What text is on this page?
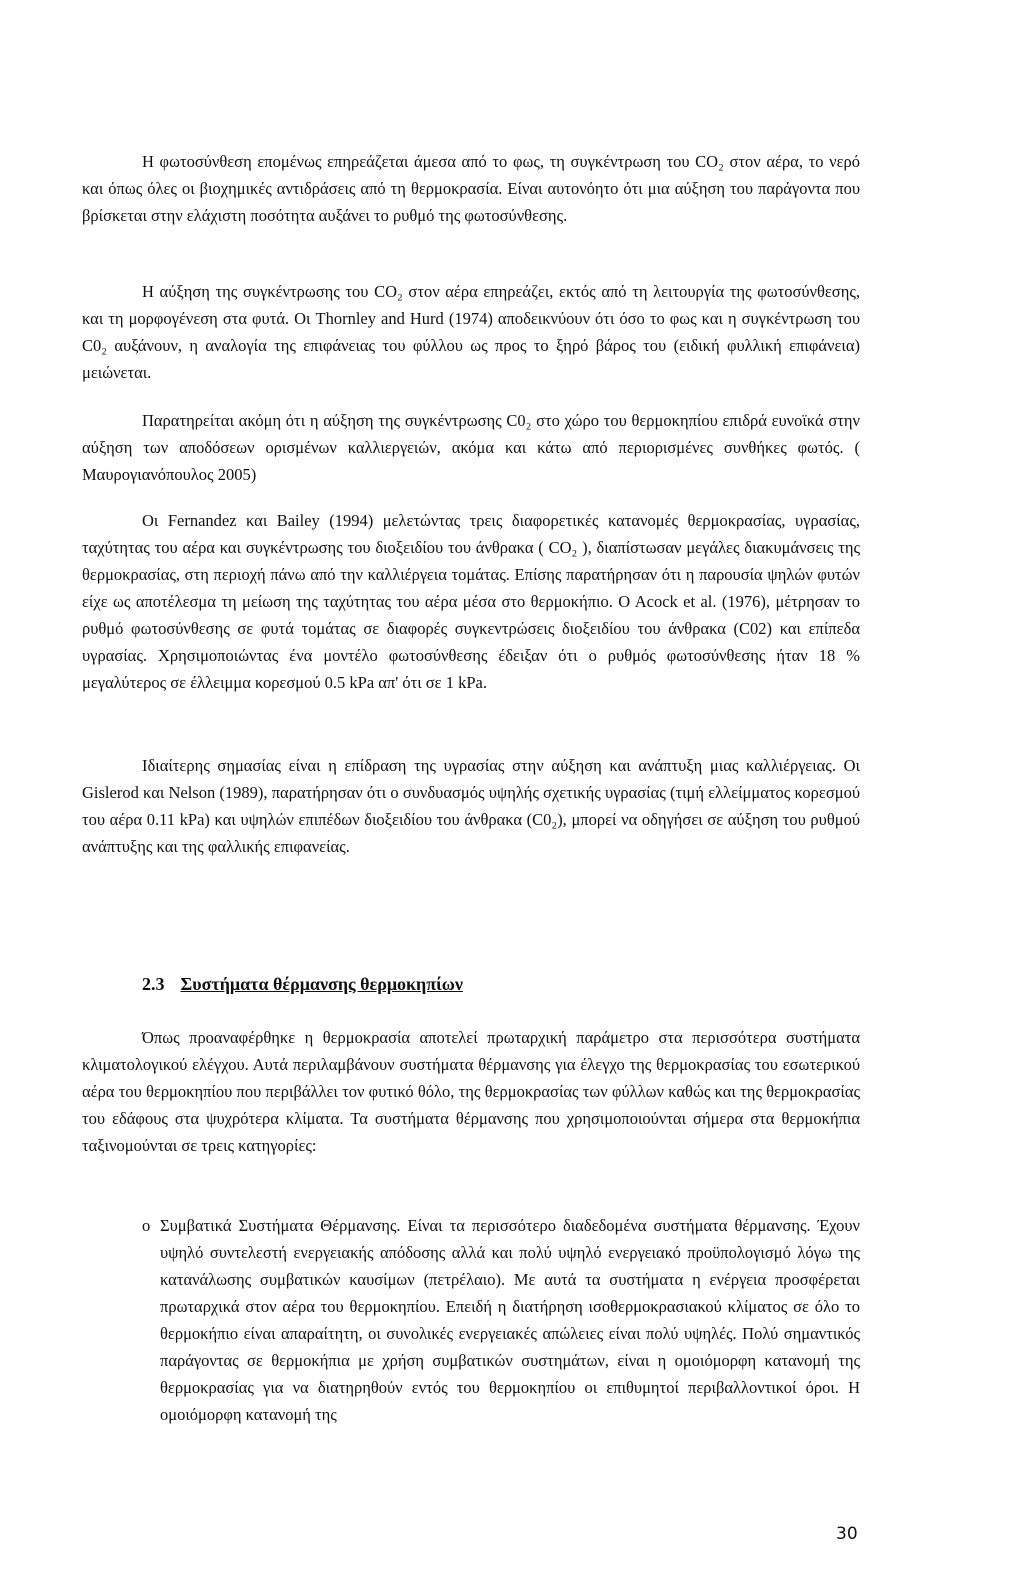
Η φωτοσύνθεση επομένως επηρεάζεται άμεσα από το φως, τη συγκέντρωση του CO₂ στον αέρα, το νερό και όπως όλες οι βιοχημικές αντιδράσεις από τη θερμοκρασία. Είναι αυτονόητο ότι μια αύξηση του παράγοντα που βρίσκεται στην ελάχιστη ποσότητα αυξάνει το ρυθμό της φωτοσύνθεσης.

Η αύξηση της συγκέντρωσης του CO₂ στον αέρα επηρεάζει, εκτός από τη λειτουργία της φωτοσύνθεσης, και τη μορφογένεση στα φυτά. Οι Thornley and Hurd (1974) αποδεικνύουν ότι όσο το φως και η συγκέντρωση του C0₂ αυξάνουν, η αναλογία της επιφάνειας του φύλλου ως προς το ξηρό βάρος του (ειδική φυλλική επιφάνεια) μειώνεται.

Παρατηρείται ακόμη ότι η αύξηση της συγκέντρωσης C0₂ στο χώρο του θερμοκηπίου επιδρά ευνοϊκά στην αύξηση των αποδόσεων ορισμένων καλλιεργειών, ακόμα και κάτω από περιορισμένες συνθήκες φωτός. ( Μαυρογιανόπουλος 2005)

Οι Fernandez και Bailey (1994) μελετώντας τρεις διαφορετικές κατανομές θερμοκρασίας, υγρασίας, ταχύτητας του αέρα και συγκέντρωσης του διοξειδίου του άνθρακα ( CO₂ ), διαπίστωσαν μεγάλες διακυμάνσεις της θερμοκρασίας, στη περιοχή πάνω από την καλλιέργεια τομάτας. Επίσης παρατήρησαν ότι η παρουσία ψηλών φυτών είχε ως αποτέλεσμα τη μείωση της ταχύτητας του αέρα μέσα στο θερμοκήπιο. O Acock et al. (1976), μέτρησαν το ρυθμό φωτοσύνθεσης σε φυτά τομάτας σε διαφορές συγκεντρώσεις διοξειδίου του άνθρακα (C02) και επίπεδα υγρασίας. Χρησιμοποιώντας ένα μοντέλο φωτοσύνθεσης έδειξαν ότι ο ρυθμός φωτοσύνθεσης ήταν 18 % μεγαλύτερος σε έλλειμμα κορεσμού 0.5 kPa απ' ότι σε 1 kPa.

Ιδιαίτερης σημασίας είναι η επίδραση της υγρασίας στην αύξηση και ανάπτυξη μιας καλλιέργειας. Οι Gislerod και Nelson (1989), παρατήρησαν ότι ο συνδυασμός υψηλής σχετικής υγρασίας (τιμή ελλείμματος κορεσμού του αέρα 0.11 kPa) και υψηλών επιπέδων διοξειδίου του άνθρακα (C0₂), μπορεί να οδηγήσει σε αύξηση του ρυθμού ανάπτυξης και της φαλλικής επιφανείας.

2.3 Συστήματα θέρμανσης θερμοκηπίων

Όπως προαναφέρθηκε η θερμοκρασία αποτελεί πρωταρχική παράμετρο στα περισσότερα συστήματα κλιματολογικού ελέγχου. Αυτά περιλαμβάνουν συστήματα θέρμανσης για έλεγχο της θερμοκρασίας του εσωτερικού αέρα του θερμοκηπίου που περιβάλλει τον φυτικό θόλο, της θερμοκρασίας των φύλλων καθώς και της θερμοκρασίας του εδάφους στα ψυχρότερα κλίματα. Τα συστήματα θέρμανσης που χρησιμοποιούνται σήμερα στα θερμοκήπια ταξινομούνται σε τρεις κατηγορίες:

o Συμβατικά Συστήματα Θέρμανσης. Είναι τα περισσότερο διαδεδομένα συστήματα θέρμανσης. Έχουν υψηλό συντελεστή ενεργειακής απόδοσης αλλά και πολύ υψηλό ενεργειακό προϋπολογισμό λόγω της κατανάλωσης συμβατικών καυσίμων (πετρέλαιο). Με αυτά τα συστήματα η ενέργεια προσφέρεται πρωταρχικά στον αέρα του θερμοκηπίου. Επειδή η διατήρηση ισοθερμοκρασιακού κλίματος σε όλο το θερμοκήπιο είναι απαραίτητη, οι συνολικές ενεργειακές απώλειες είναι πολύ υψηλές. Πολύ σημαντικός παράγοντας σε θερμοκήπια με χρήση συμβατικών συστημάτων, είναι η ομοιόμορφη κατανομή της θερμοκρασίας για να διατηρηθούν εντός του θερμοκηπίου οι επιθυμητοί περιβαλλοντικοί όροι. Η ομοιόμορφη κατανομή της

30
